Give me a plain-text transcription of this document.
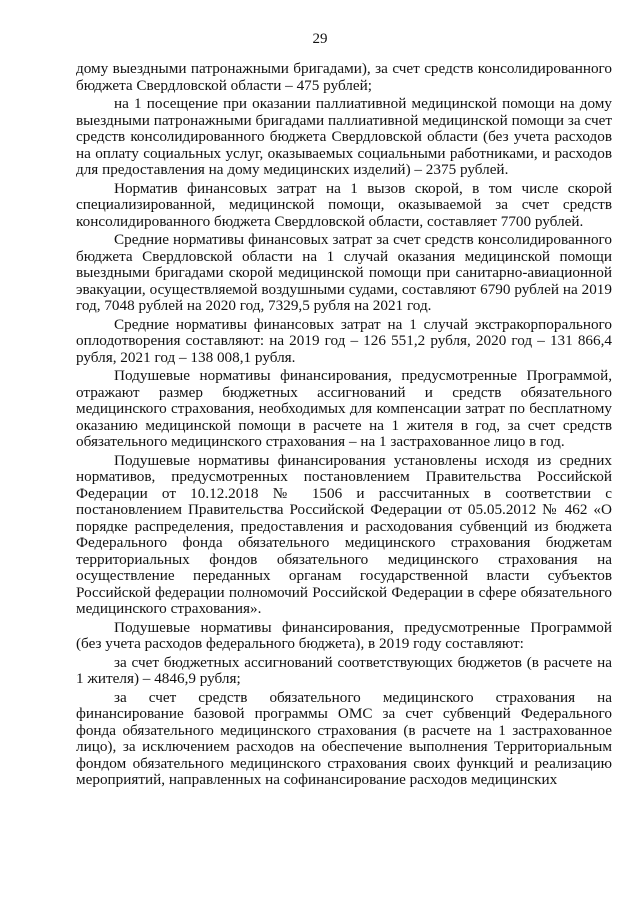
29

дому выездными патронажными бригадами), за счет средств консолидированного бюджета Свердловской области – 475 рублей;

на 1 посещение при оказании паллиативной медицинской помощи на дому выездными патронажными бригадами паллиативной медицинской помощи за счет средств консолидированного бюджета Свердловской области (без учета расходов на оплату социальных услуг, оказываемых социальными работниками, и расходов для предоставления на дому медицинских изделий) – 2375 рублей.

Норматив финансовых затрат на 1 вызов скорой, в том числе скорой специализированной, медицинской помощи, оказываемой за счет средств консолидированного бюджета Свердловской области, составляет 7700 рублей.

Средние нормативы финансовых затрат за счет средств консолидированного бюджета Свердловской области на 1 случай оказания медицинской помощи выездными бригадами скорой медицинской помощи при санитарно-авиационной эвакуации, осуществляемой воздушными судами, составляют 6790 рублей на 2019 год, 7048 рублей на 2020 год, 7329,5 рубля на 2021 год.

Средние нормативы финансовых затрат на 1 случай экстракорпорального оплодотворения составляют: на 2019 год – 126 551,2 рубля, 2020 год – 131 866,4 рубля, 2021 год – 138 008,1 рубля.

Подушевые нормативы финансирования, предусмотренные Программой, отражают размер бюджетных ассигнований и средств обязательного медицинского страхования, необходимых для компенсации затрат по бесплатному оказанию медицинской помощи в расчете на 1 жителя в год, за счет средств обязательного медицинского страхования – на 1 застрахованное лицо в год.

Подушевые нормативы финансирования установлены исходя из средних нормативов, предусмотренных постановлением Правительства Российской Федерации от 10.12.2018 № 1506 и рассчитанных в соответствии с постановлением Правительства Российской Федерации от 05.05.2012 № 462 «О порядке распределения, предоставления и расходования субвенций из бюджета Федерального фонда обязательного медицинского страхования бюджетам территориальных фондов обязательного медицинского страхования на осуществление переданных органам государственной власти субъектов Российской федерации полномочий Российской Федерации в сфере обязательного медицинского страхования».

Подушевые нормативы финансирования, предусмотренные Программой (без учета расходов федерального бюджета), в 2019 году составляют:

за счет бюджетных ассигнований соответствующих бюджетов (в расчете на 1 жителя) – 4846,9 рубля;

за счет средств обязательного медицинского страхования на финансирование базовой программы ОМС за счет субвенций Федерального фонда обязательного медицинского страхования (в расчете на 1 застрахованное лицо), за исключением расходов на обеспечение выполнения Территориальным фондом обязательного медицинского страхования своих функций и реализацию мероприятий, направленных на софинансирование расходов медицинских
